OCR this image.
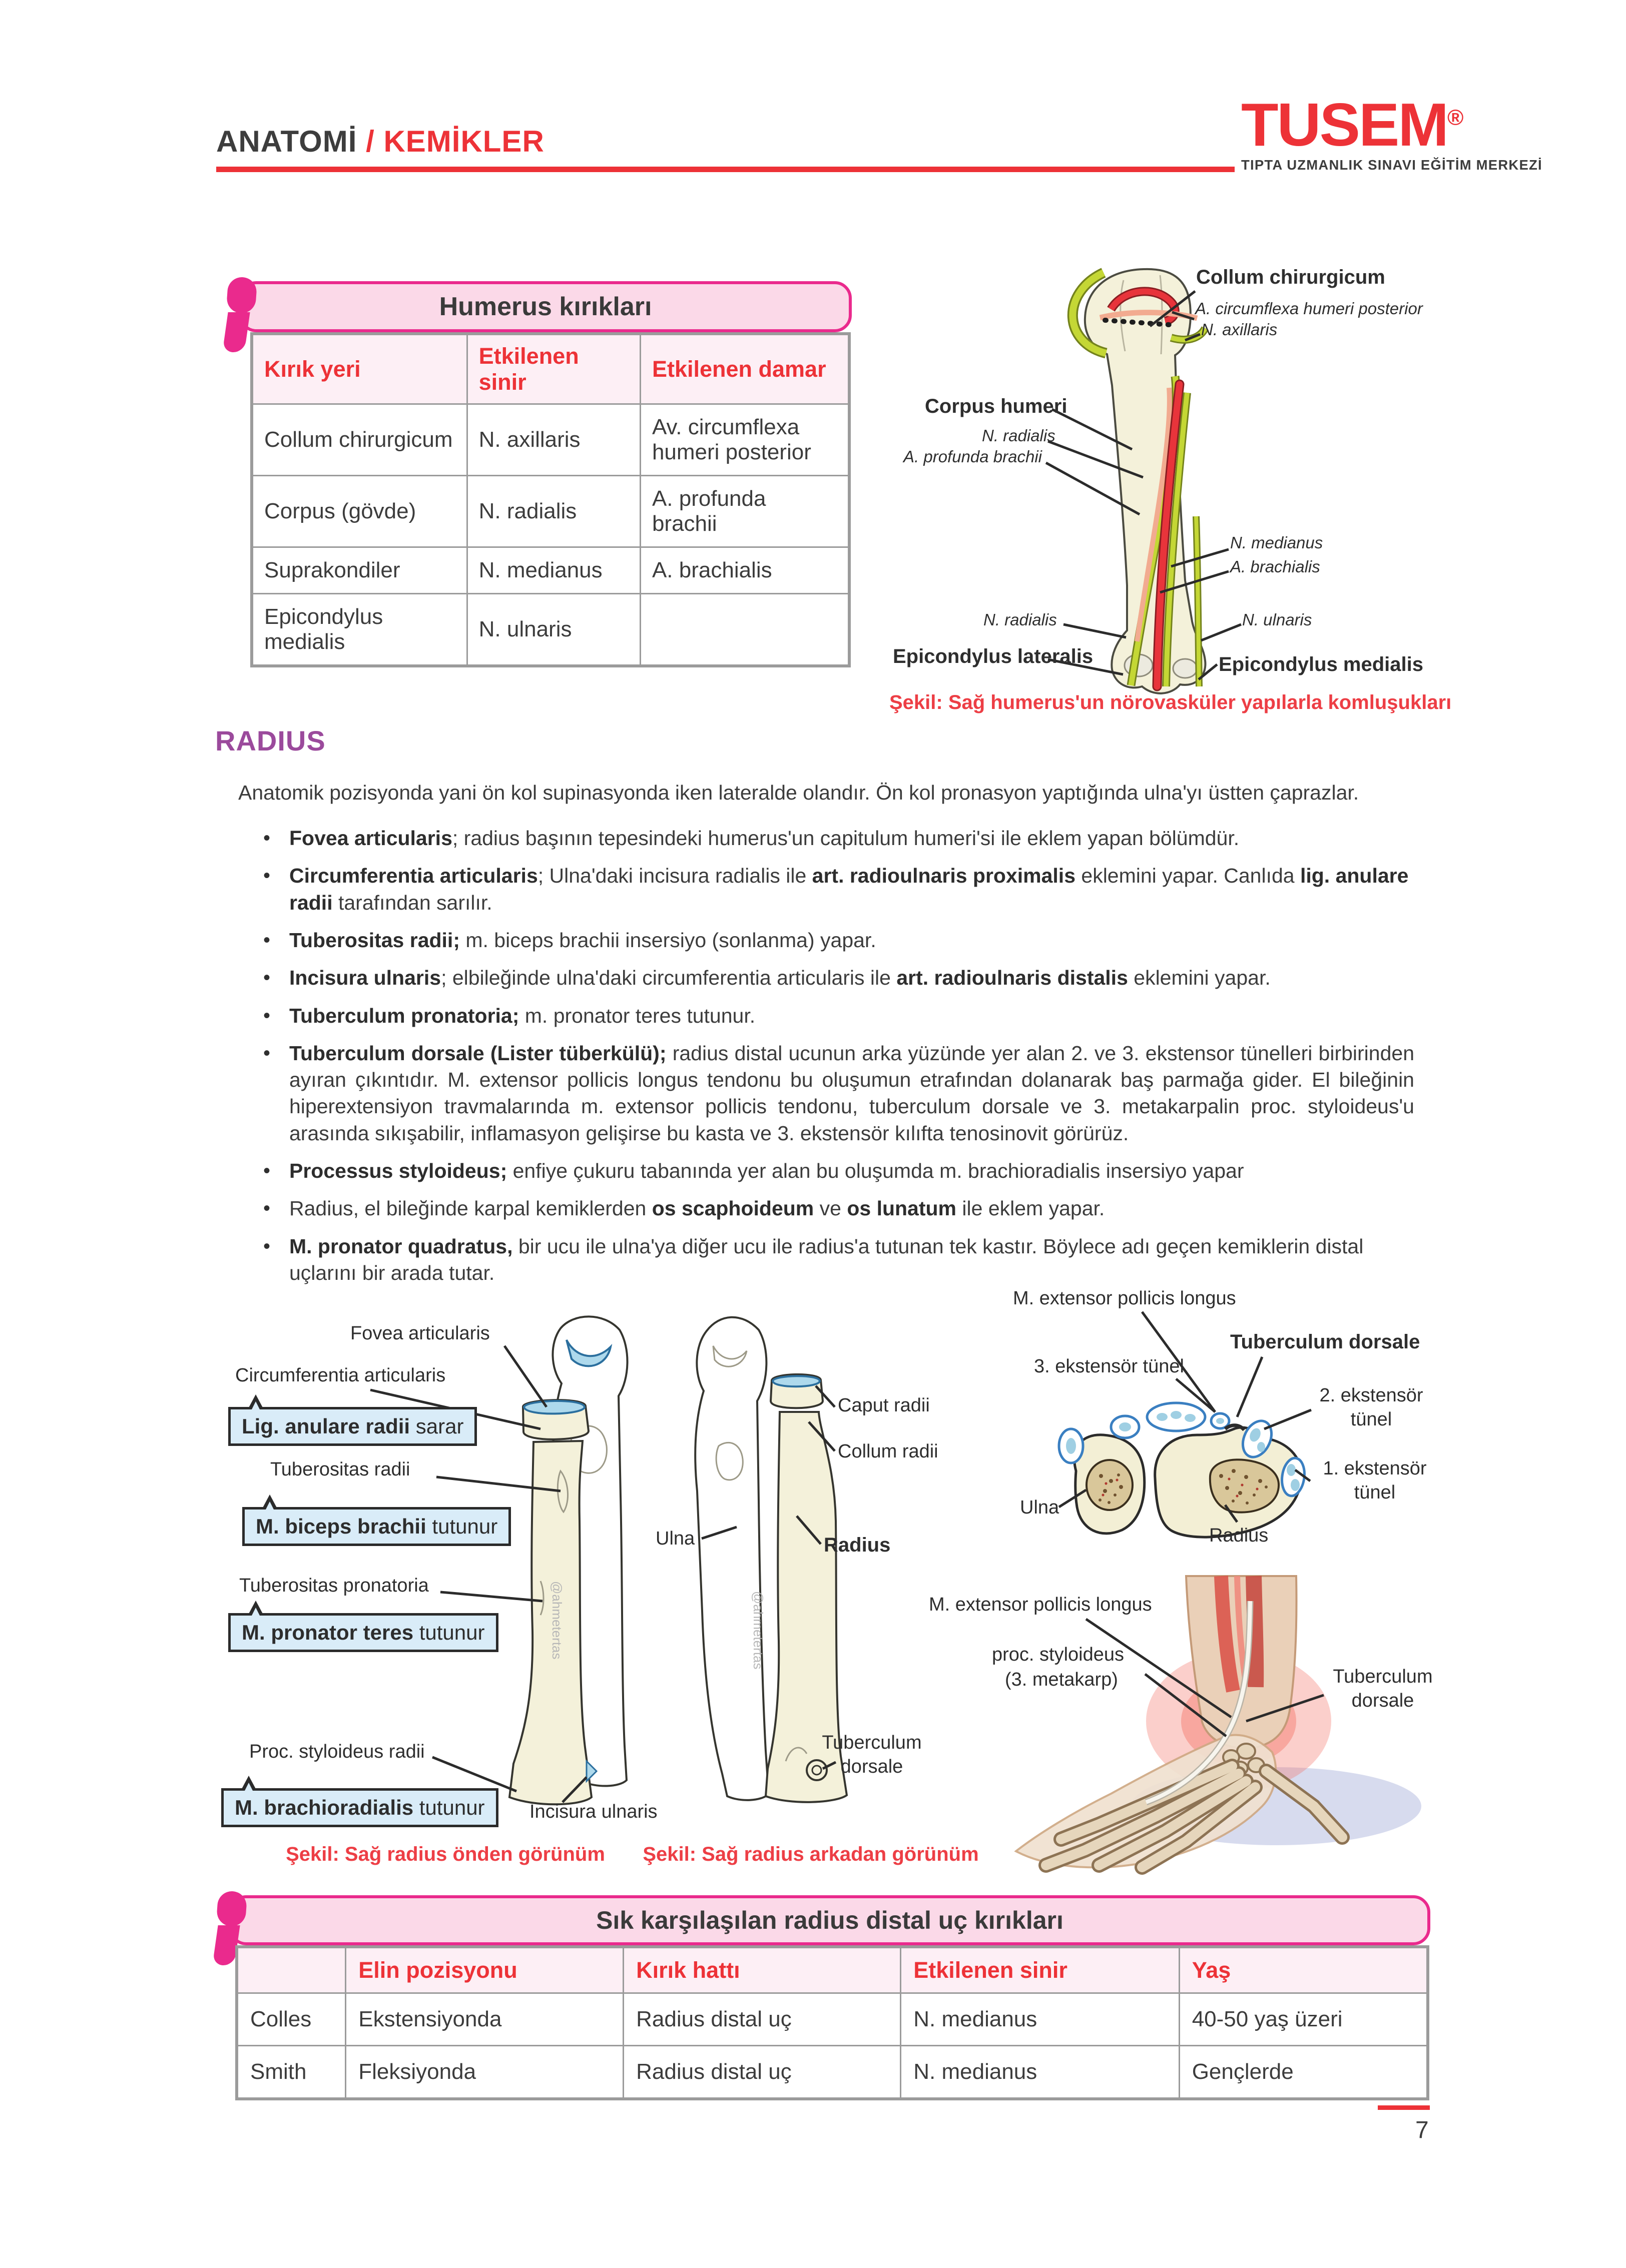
ANATOMİ / KEMİKLER	TUSEM®
TIPTA UZMANLIK SINAVI EĞİTİM MERKEZİ
Humerus kırıkları
Kırık yeri	Etkilenen sinir	Etkilenen damar
Collum chirurgicum	N. axillaris	Av. circumflexa humeri posterior
Corpus (gövde)	N. radialis	A. profunda brachii
Suprakondiler	N. medianus	A. brachialis
Epicondylus medialis	N. ulnaris	
Collum chirurgicum
A. circumflexa humeri posterior
N. axillaris
Corpus humeri
N. radialis
A. profunda brachii
N. medianus
A. brachialis
N. radialis	N. ulnaris
Epicondylus lateralis	Epicondylus medialis
Şekil: Sağ humerus'un nörovasküler yapılarla komluşukları
RADIUS

Anatomik pozisyonda yani ön kol supinasyonda iken lateralde olandır. Ön kol pronasyon yaptığında ulna'yı üstten çaprazlar.

• Fovea articularis; radius başının tepesindeki humerus'un capitulum humeri'si ile eklem yapan bölümdür.
• Circumferentia articularis; Ulna'daki incisura radialis ile art. radioulnaris proximalis eklemini yapar. Canlıda lig. anulare radii tarafından sarılır.
• Tuberositas radii; m. biceps brachii insersiyo (sonlanma) yapar.
• Incisura ulnaris; elbileğinde ulna'daki circumferentia articularis ile art. radioulnaris distalis eklemini yapar.
• Tuberculum pronatoria; m. pronator teres tutunur.
• Tuberculum dorsale (Lister tüberkülü); radius distal ucunun arka yüzünde yer alan 2. ve 3. ekstensor tünelleri birbirinden ayıran çıkıntıdır. M. extensor pollicis longus tendonu bu oluşumun etrafından dolanarak baş parmağa gider. El bileğinin hiperextensiyon travmalarında m. extensor pollicis tendonu, tuberculum dorsale ve 3. metakarpalin proc. styloideus'u arasında sıkışabilir, inflamasyon gelişirse bu kasta ve 3. ekstensör kılıfta tenosinovit görürüz.
• Processus styloideus; enfiye çukuru tabanında yer alan bu oluşumda m. brachioradialis insersiyo yapar
• Radius, el bileğinde karpal kemiklerden os scaphoideum ve os lunatum ile eklem yapar.
• M. pronator quadratus, bir ucu ile ulna'ya diğer ucu ile radius'a tutunan tek kastır. Böylece adı geçen kemiklerin distal uçlarını bir arada tutar.
Fovea articularis
Circumferentia articularis
Lig. anulare radii sarar
Tuberositas radii
M. biceps brachii tutunur
Tuberositas pronatoria
M. pronator teres tutunur
Proc. styloideus radii
M. brachioradialis tutunur	Incisura ulnaris
@ahmetertas
Şekil: Sağ radius önden görünüm
Caput radii
Collum radii
Ulna	Radius
Tuberculum dorsale
@ahmetertas
Şekil: Sağ radius arkadan görünüm
M. extensor pollicis longus
Tuberculum dorsale
3. ekstensör tünel
2. ekstensör tünel
1. ekstensör tünel
Ulna
Radius
M. extensor pollicis longus
proc. styloideus
(3. metakarp)	Tuberculum dorsale
Sık karşılaşılan radius distal uç kırıkları
	Elin pozisyonu	Kırık hattı	Etkilenen sinir	Yaş
Colles	Ekstensiyonda	Radius distal uç	N. medianus	40-50 yaş üzeri
Smith	Fleksiyonda	Radius distal uç	N. medianus	Gençlerde
7
